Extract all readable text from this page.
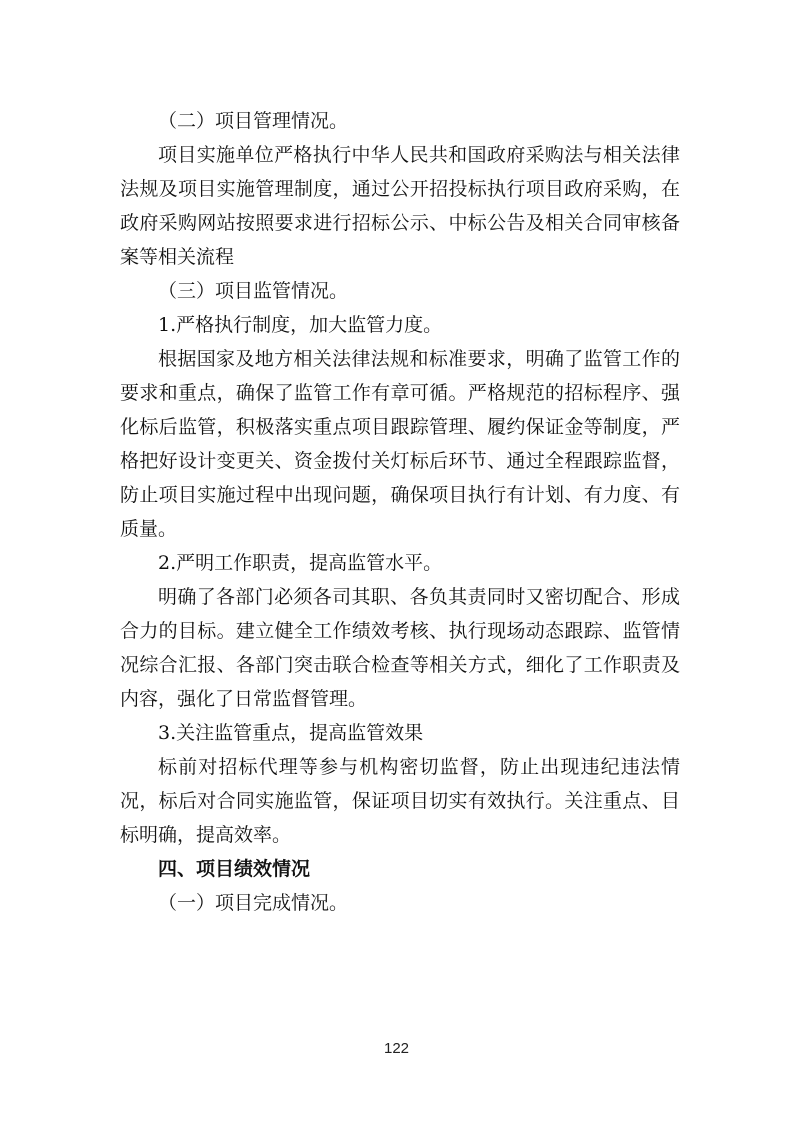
（二）项目管理情况。

项目实施单位严格执行中华人民共和国政府采购法与相关法律法规及项目实施管理制度，通过公开招投标执行项目政府采购，在政府采购网站按照要求进行招标公示、中标公告及相关合同审核备案等相关流程

（三）项目监管情况。

1.严格执行制度，加大监管力度。

根据国家及地方相关法律法规和标准要求，明确了监管工作的要求和重点，确保了监管工作有章可循。严格规范的招标程序、强化标后监管，积极落实重点项目跟踪管理、履约保证金等制度，严格把好设计变更关、资金拨付关灯标后环节、通过全程跟踪监督，防止项目实施过程中出现问题，确保项目执行有计划、有力度、有质量。

2.严明工作职责，提高监管水平。

明确了各部门必须各司其职、各负其责同时又密切配合、形成合力的目标。建立健全工作绩效考核、执行现场动态跟踪、监管情况综合汇报、各部门突击联合检查等相关方式，细化了工作职责及内容，强化了日常监督管理。

3.关注监管重点，提高监管效果

标前对招标代理等参与机构密切监督，防止出现违纪违法情况，标后对合同实施监管，保证项目切实有效执行。关注重点、目标明确，提高效率。

四、项目绩效情况

（一）项目完成情况。

122
